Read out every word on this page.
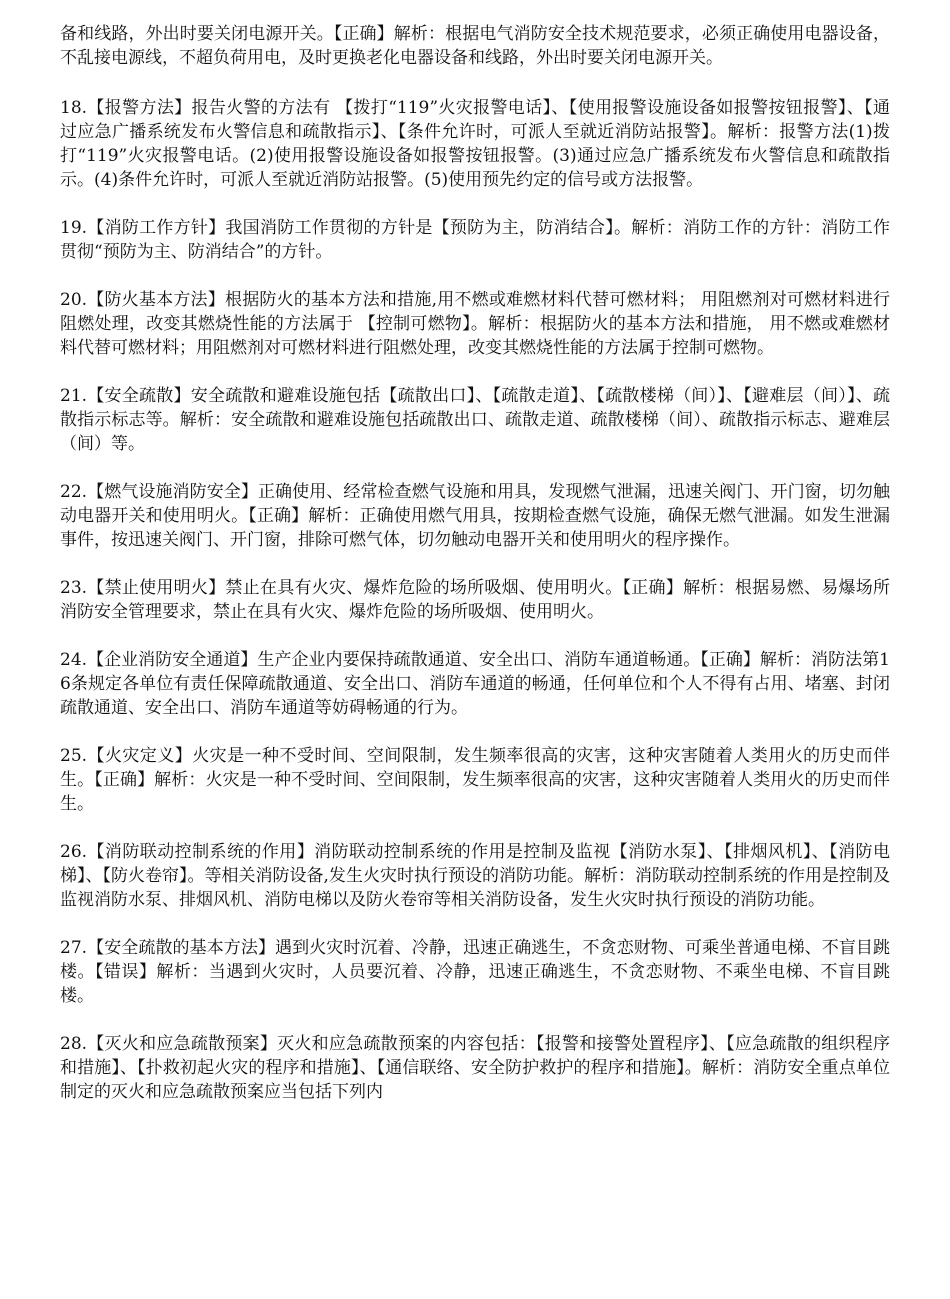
备和线路，外出时要关闭电源开关。【正确】解析：根据电气消防安全技术规范要求，必须正确使用电器设备，不乱接电源线，不超负荷用电，及时更换老化电器设备和线路，外出时要关闭电源开关。

18.【报警方法】报告火警的方法有 【拨打“119”火灾报警电话】、【使用报警设施设备如报警按钮报警】、【通过应急广播系统发布火警信息和疏散指示】、【条件允许时，可派人至就近消防站报警】。解析：报警方法(1)拨打“119”火灾报警电话。(2)使用报警设施设备如报警按钮报警。(3)通过应急广播系统发布火警信息和疏散指示。(4)条件允许时，可派人至就近消防站报警。(5)使用预先约定的信号或方法报警。

19.【消防工作方针】我国消防工作贯彻的方针是【预防为主，防消结合】。解析：消防工作的方针：消防工作贯彻“预防为主、防消结合”的方针。

20.【防火基本方法】根据防火的基本方法和措施,用不燃或难燃材料代替可燃材料； 用阻燃剂对可燃材料进行阻燃处理，改变其燃烧性能的方法属于 【控制可燃物】。解析：根据防火的基本方法和措施， 用不燃或难燃材料代替可燃材料；用阻燃剂对可燃材料进行阻燃处理，改变其燃烧性能的方法属于控制可燃物。

21.【安全疏散】安全疏散和避难设施包括【疏散出口】、【疏散走道】、【疏散楼梯（间）】、【避难层（间）】、疏散指示标志等。解析：安全疏散和避难设施包括疏散出口、疏散走道、疏散楼梯（间）、疏散指示标志、避难层（间）等。

22.【燃气设施消防安全】正确使用、经常检查燃气设施和用具，发现燃气泄漏，迅速关阀门、开门窗，切勿触动电器开关和使用明火。【正确】解析：正确使用燃气用具，按期检查燃气设施，确保无燃气泄漏。如发生泄漏事件，按迅速关阀门、开门窗，排除可燃气体，切勿触动电器开关和使用明火的程序操作。

23.【禁止使用明火】禁止在具有火灾、爆炸危险的场所吸烟、使用明火。【正确】解析：根据易燃、易爆场所消防安全管理要求，禁止在具有火灾、爆炸危险的场所吸烟、使用明火。

24.【企业消防安全通道】生产企业内要保持疏散通道、安全出口、消防车通道畅通。【正确】解析：消防法第16条规定各单位有责任保障疏散通道、安全出口、消防车通道的畅通，任何单位和个人不得有占用、堵塞、封闭疏散通道、安全出口、消防车通道等妨碍畅通的行为。

25.【火灾定义】火灾是一种不受时间、空间限制，发生频率很高的灾害，这种灾害随着人类用火的历史而伴生。【正确】解析：火灾是一种不受时间、空间限制，发生频率很高的灾害，这种灾害随着人类用火的历史而伴生。

26.【消防联动控制系统的作用】消防联动控制系统的作用是控制及监视【消防水泵】、【排烟风机】、【消防电梯】、【防火卷帘】。等相关消防设备,发生火灾时执行预设的消防功能。解析：消防联动控制系统的作用是控制及监视消防水泵、排烟风机、消防电梯以及防火卷帘等相关消防设备，发生火灾时执行预设的消防功能。

27.【安全疏散的基本方法】遇到火灾时沉着、冷静，迅速正确逃生，不贪恋财物、可乘坐普通电梯、不盲目跳楼。【错误】解析：当遇到火灾时，人员要沉着、冷静，迅速正确逃生，不贪恋财物、不乘坐电梯、不盲目跳楼。

28.【灭火和应急疏散预案】灭火和应急疏散预案的内容包括：【报警和接警处置程序】、【应急疏散的组织程序和措施】、【扑救初起火灾的程序和措施】、【通信联络、安全防护救护的程序和措施】。解析：消防安全重点单位制定的灭火和应急疏散预案应当包括下列内
